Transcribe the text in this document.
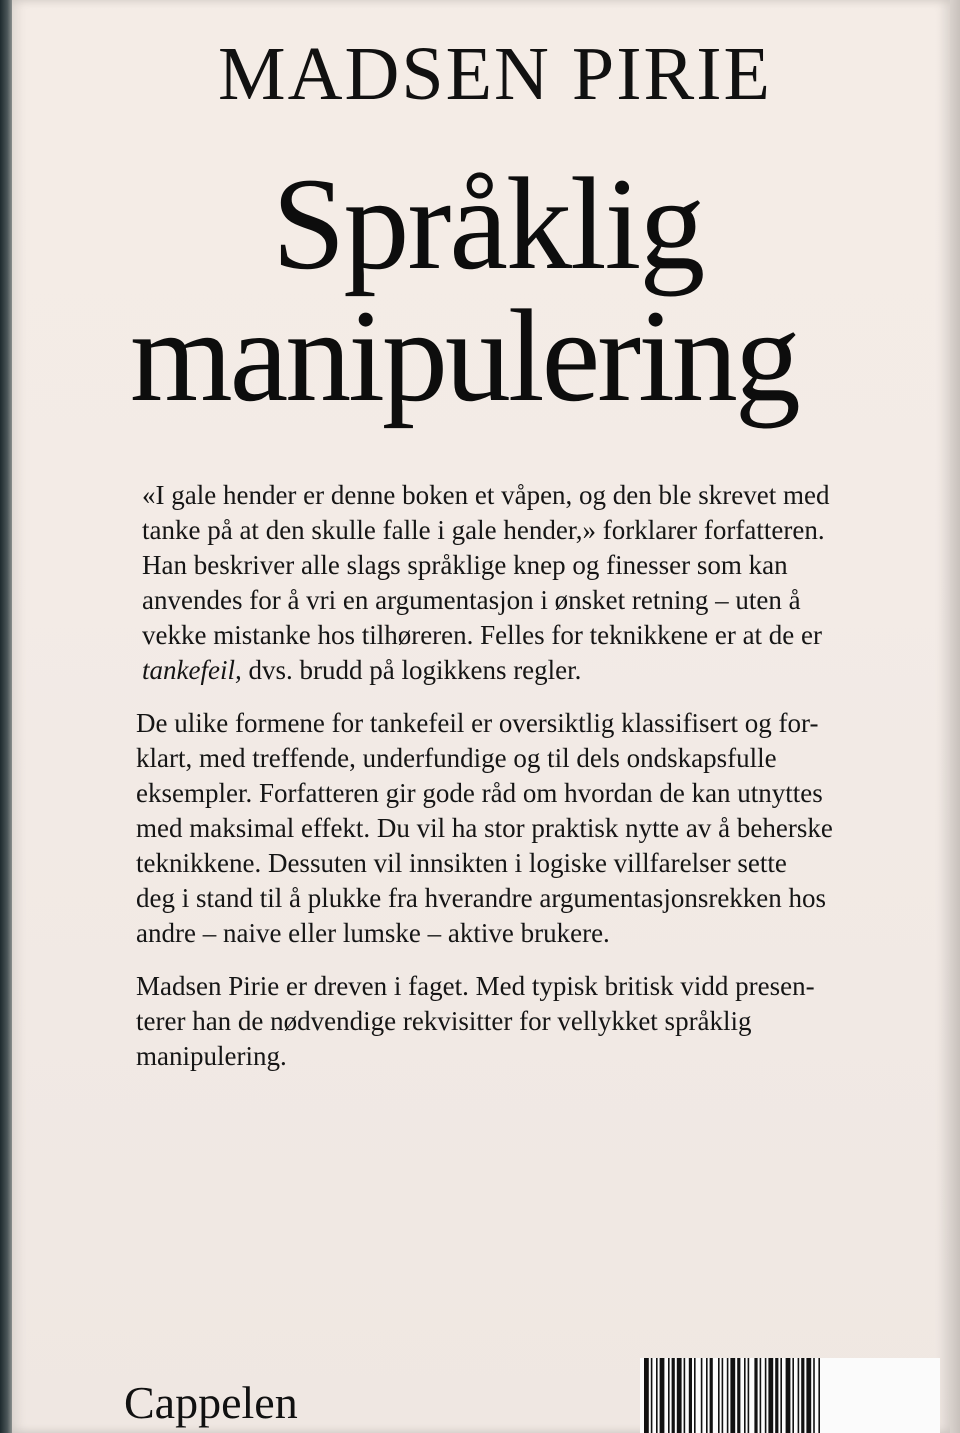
MADSEN PIRIE
Språklig
manipulering

«I gale hender er denne boken et våpen, og den ble skrevet med
tanke på at den skulle falle i gale hender,» forklarer forfatteren.
Han beskriver alle slags språklige knep og finesser som kan
anvendes for å vri en argumentasjon i ønsket retning – uten å
vekke mistanke hos tilhøreren. Felles for teknikkene er at de er
tankefeil, dvs. brudd på logikkens regler.

De ulike formene for tankefeil er oversiktlig klassifisert og for-
klart, med treffende, underfundige og til dels ondskapsfulle
eksempler. Forfatteren gir gode råd om hvordan de kan utnyttes
med maksimal effekt. Du vil ha stor praktisk nytte av å beherske
teknikkene. Dessuten vil innsikten i logiske villfarelser sette
deg i stand til å plukke fra hverandre argumentasjonsrekken hos
andre – naive eller lumske – aktive brukere.

Madsen Pirie er dreven i faget. Med typisk britisk vidd presen-
terer han de nødvendige rekvisitter for vellykket språklig
manipulering.

Cappelen
